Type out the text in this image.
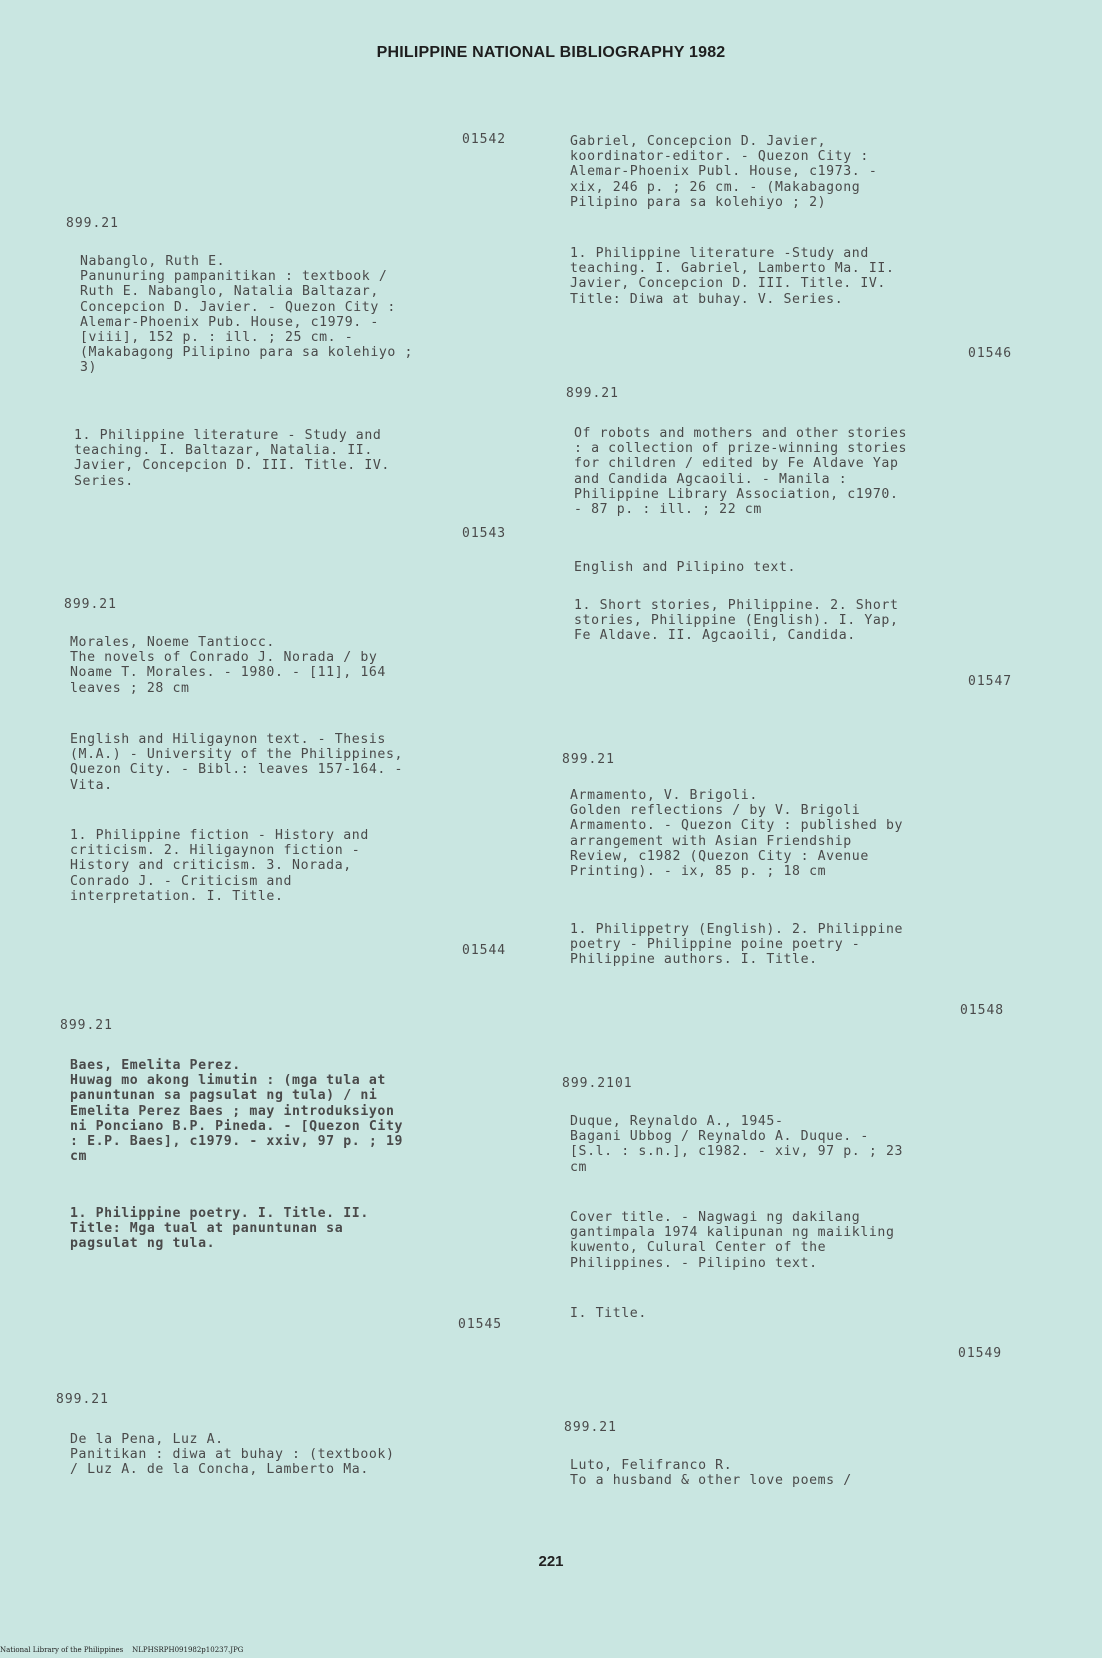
PHILIPPINE NATIONAL BIBLIOGRAPHY 1982
01542
899.21
Nabanglo, Ruth E.
Panunuring pampanitikan : textbook /
Ruth E. Nabanglo, Natalia Baltazar,
Concepcion D. Javier. - Quezon City :
Alemar-Phoenix Pub. House, c1979. -
[viii], 152 p. : ill. ; 25 cm. -
(Makabagong Pilipino para sa kolehiyo ;
3)
1. Philippine literature - Study and
teaching. I. Baltazar, Natalia. II.
Javier, Concepcion D. III. Title. IV.
Series.
01543
899.21
Morales, Noeme Tantiocc.
The novels of Conrado J. Norada / by
Noame T. Morales. - 1980. - [11], 164
leaves ; 28 cm
English and Hiligaynon text. - Thesis
(M.A.) - University of the Philippines,
Quezon City. - Bibl.: leaves 157-164. -
Vita.
1. Philippine fiction - History and
criticism. 2. Hiligaynon fiction -
History and criticism. 3. Norada,
Conrado J. - Criticism and
interpretation. I. Title.
01544
899.21
Baes, Emelita Perez.
Huwag mo akong limutin : (mga tula at
panuntunan sa pagsulat ng tula) / ni
Emelita Perez Baes ; may introduksiyon
ni Ponciano B.P. Pineda. - [Quezon City
: E.P. Baes], c1979. - xxiv, 97 p. ; 19
cm
1. Philippine poetry. I. Title. II.
Title: Mga tual at panuntunan sa
pagsulat ng tula.
01545
899.21
De la Pena, Luz A.
Panitikan : diwa at buhay : (textbook)
/ Luz A. de la Concha, Lamberto Ma.
Gabriel, Concepcion D. Javier,
koordinator-editor. - Quezon City :
Alemar-Phoenix Publ. House, c1973. -
xix, 246 p. ; 26 cm. - (Makabagong
Pilipino para sa kolehiyo ; 2)
1. Philippine literature -Study and
teaching. I. Gabriel, Lamberto Ma. II.
Javier, Concepcion D. III. Title. IV.
Title: Diwa at buhay. V. Series.
01546
899.21
Of robots and mothers and other stories
: a collection of prize-winning stories
for children / edited by Fe Aldave Yap
and Candida Agcaoili. - Manila :
Philippine Library Association, c1970.
- 87 p. : ill. ; 22 cm
English and Pilipino text.
1. Short stories, Philippine. 2. Short
stories, Philippine (English). I. Yap,
Fe Aldave. II. Agcaoili, Candida.
01547
899.21
Armamento, V. Brigoli.
Golden reflections / by V. Brigoli
Armamento. - Quezon City : published by
arrangement with Asian Friendship
Review, c1982 (Quezon City : Avenue
Printing). - ix, 85 p. ; 18 cm
1. Philippetry (English). 2. Philippine
poetry - Philippine poine poetry -
Philippine authors. I. Title.
01548
899.2101
Duque, Reynaldo A., 1945-
Bagani Ubbog / Reynaldo A. Duque. -
[S.l. : s.n.], c1982. - xiv, 97 p. ; 23
cm
Cover title. - Nagwagi ng dakilang
gantimpala 1974 kalipunan ng maiikling
kuwento, Culural Center of the
Philippines. - Pilipino text.
I. Title.
01549
899.21
Luto, Felifranco R.
To a husband & other love poems /
221
National Library of the Philippines    NLPHSRPH091982p10237.JPG
